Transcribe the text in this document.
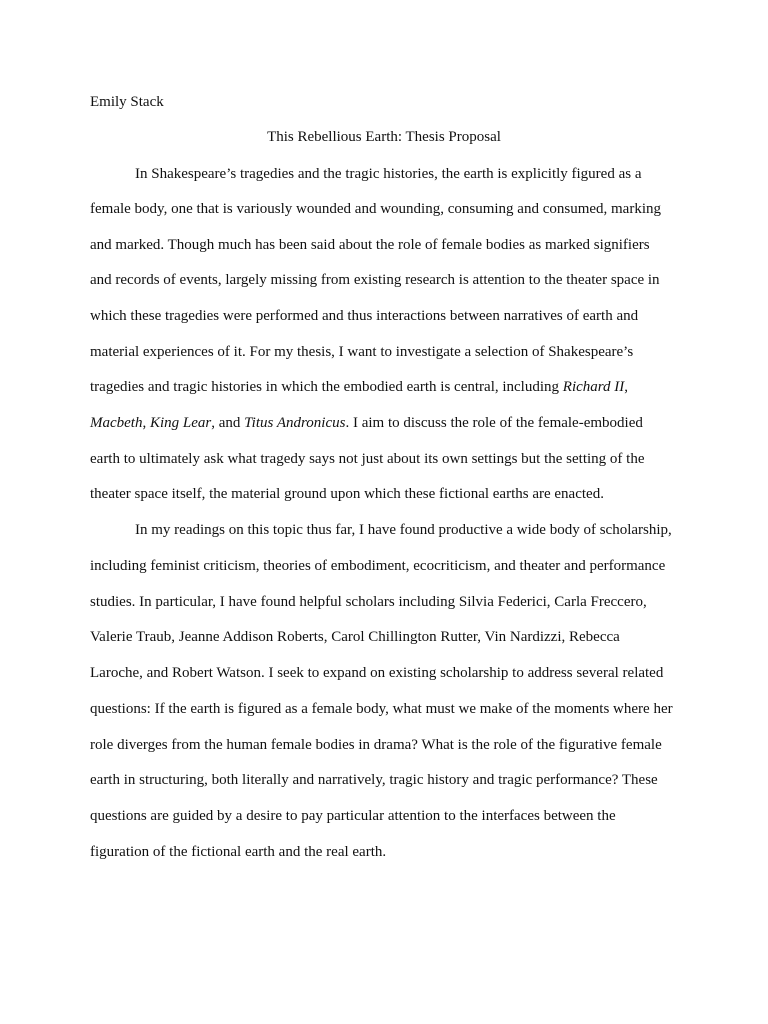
Emily Stack

This Rebellious Earth: Thesis Proposal

In Shakespeare’s tragedies and the tragic histories, the earth is explicitly figured as a

female body, one that is variously wounded and wounding, consuming and consumed, marking

and marked. Though much has been said about the role of female bodies as marked signifiers

and records of events, largely missing from existing research is attention to the theater space in

which these tragedies were performed and thus interactions between narratives of earth and

material experiences of it. For my thesis, I want to investigate a selection of Shakespeare’s

tragedies and tragic histories in which the embodied earth is central, including Richard II,

Macbeth, King Lear, and Titus Andronicus. I aim to discuss the role of the female-embodied

earth to ultimately ask what tragedy says not just about its own settings but the setting of the

theater space itself, the material ground upon which these fictional earths are enacted.

In my readings on this topic thus far, I have found productive a wide body of scholarship,

including feminist criticism, theories of embodiment, ecocriticism, and theater and performance

studies. In particular, I have found helpful scholars including Silvia Federici, Carla Freccero,

Valerie Traub, Jeanne Addison Roberts, Carol Chillington Rutter, Vin Nardizzi, Rebecca

Laroche, and Robert Watson. I seek to expand on existing scholarship to address several related

questions: If the earth is figured as a female body, what must we make of the moments where her

role diverges from the human female bodies in drama? What is the role of the figurative female

earth in structuring, both literally and narratively, tragic history and tragic performance? These

questions are guided by a desire to pay particular attention to the interfaces between the

figuration of the fictional earth and the real earth.
